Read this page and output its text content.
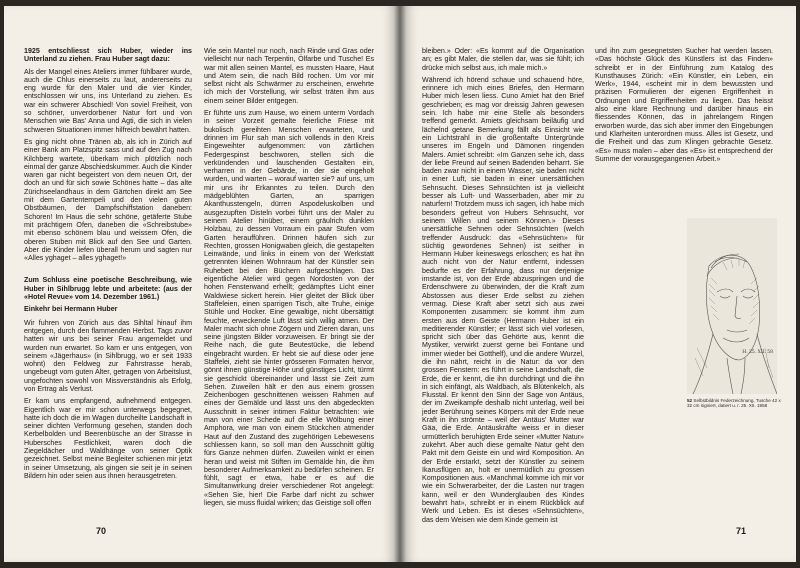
1925 entschliesst sich Huber, wieder ins Unterland zu ziehen. Frau Huber sagt dazu:

Als der Mangel eines Ateliers immer fühlbarer wurde, auch die Chlus einerseits zu laut, andererseits zu eng wurde für den Maler und die vier Kinder, entschlossen wir uns, ins Unterland zu ziehen. Es war ein schwerer Abschied! Von soviel Freiheit, von so schöner, unverdorbener Natur fort und von Menschen wie Bas' Anna und Agti, die sich in vielen schweren Situationen immer hilfreich bewährt hatten.

Es ging nicht ohne Tränen ab, als ich in Zürich auf einer Bank am Platzspitz sass und auf den Zug nach Kilchberg wartete, überkam mich plötzlich noch einmal der ganze Abschiedskummer. Auch die Kinder waren gar nicht begeistert von dem neuen Ort, der doch an und für sich sowie Schönes hatte – das alte Zürichseelandhaus in dem Gärtchen direkt am See mit dem Gartentempeli und den vielen guten Obstbäumen, der Dampfschiffstation daneben: Schoren! Im Haus die sehr schöne, getäferte Stube mit prächtigem Ofen, daneben die «Schreibstube» mit ebenso schönem blau und weissem Ofen, die oberen Stuben mit Blick auf den See und Garten. Aber die Kinder liefen überall herum und sagten nur «Alles yghaget – alles yghaget!»

Zum Schluss eine poetische Beschreibung, wie Huber in Sihlbrugg lebte und arbeitete: (aus der «Hotel Revue» vom 14. Dezember 1961.)

Einkehr bei Hermann Huber

Wir fuhren von Zürich aus das Sihltal hinauf ihm entgegen, durch den flammenden Herbst. Tags zuvor hatten wir uns bei seiner Frau angemeldet und wurden nun erwartet. So kam er uns entgegen, von seinem «Jägerhaus» (in Sihlbrugg, wo er seit 1933 wohnt) den Feldweg zur Fahrstrasse herab, ungebeugt vom guten Alter, getragen von Arbeitslust, ungefochten sowohl von Missverständnis als Erfolg, von Ertrag als Verlust.

Er kam uns empfangend, aufnehmend entgegen. Eigentlich war er mir schon unterwegs begegnet, hatte ich doch die im Wagen durcheilte Landschaft in seiner dichten Verformung gesehen, standen doch Kerbelbolden und Beerenbüsche an der Strasse in Hubersches Festlichkeit, waren doch die Ziegeldächer und Waldhänge von seiner Optik gezeichnet. Selbst meine Begleiter schienen mir jetzt in seiner Umsetzung, als gingen sie seit je in seinen Bildern hin oder seien aus ihnen herausgetreten.

Wie sein Mantel nur noch, nach Rinde und Gras oder vielleicht nur nach Terpentin, Ölfarbe und Tusche! Es war mit allen seinen Mantel, es mussten Haare, Haut und Atem sein, die nach Bild rochen. Um vor mir selbst nicht als Schwärmer zu erscheinen, erwehrte ich mich der Vorstellung, wir selbst träten ihm aus einem seiner Bilder entgegen.

Er führte uns zum Hause, wo einem unterm Vordach in seiner Vorzeit gemalte feierliche Friese mit bukolisch gereihten Menschen erwarteten, und drinnen im Flur sah man sich vollends in den Kreis Eingeweihter aufgenommen: von zärtlichen Federgespinst beschworen, stellen sich die verkündenden und lauschenden Gestalten ein, verharren in der Gebärde, in der sie eingeholt wurden, und warten – worauf warten sie? auf uns, um mir uns ihr Erkanntes zu teilen. Durch den mädgeblühten Garten, an sparrigen Akanthusstengeln, dürren Aspodeluskolben und ausgezupften Disteln vorbei führt uns der Maler zu seinem Atelier hinüber, einem gräulrich dunklen Holzbau, zu dessen Vorraum ein paar Stufen vom Garten heraufführen. Drinnen häufen sich zur Rechten, grossen Honigwaben gleich, die gestapelten Leinwände, und links in einem von der Werkstatt getrennten kleinen Wohnraum hat der Künstler sein Ruhebett bei den Büchern aufgeschlagen. Das eigentliche Atelier wird gegen Nordosten von der hohen Fensterwand erhellt; gedämpftes Licht einer Waldwiese sickert herein. Hier gleitet der Blick über Staffeleien, einen sparrigen Tisch, alte Truhe, einige Stühle und Hocker. Eine gewaltige, nicht übersättigt feuchte, erweckende Luft lässt sich willig atmen. Der Maler macht sich ohne Zögern und Zieren daran, uns seine jüngsten Bilder vorzuweisen. Er bringt sie der Reihe nach, die gute Beutestücke, die lebend eingebracht wurden. Er hebt sie auf diese oder jene Staffelei, zieht sie hinter grösseren Formaten hervor, gönnt ihnen günstige Höhe und günstiges Licht, türmt sie geschickt übereinander und lässt sie Zeit zum Sehen. Zuweilen hält er den aus einem grossen Zeichenbogen geschnittenen weissen Rahmen auf eines der Gemälde und lässt uns den abgedeckten Ausschnitt in seiner intimen Faktur betrachten: wie man von einer Schede auf die elle Wölbung einer Amphora, wie man von einem Stückchen atmender Haut auf den Zustand des zugehörigen Lebewesens schliessen kann, so soll man den Ausschnitt gültig fürs Ganze nehmen dürfen. Zuweilen winkt er einen heran und weist mit Stiften im Gemälde hin, die ihm besonderer Aufmerksamkeit zu bedürfen scheinen. Er fühlt, sagt er etwa, habe er es auf die Simultanwirkung dreier verschiedener Rot angelegt: «Sehen Sie, hier! Die Farbe darf nicht zu schwer liegen, sie muss fluidal wirken; das Geistige soll offen

70

bleiben.» Oder: «Es kommt auf die Organisation an; es gibt Maler, die stellen dar, was sie fühlt; ich drücke mich selbst aus, ich male mich.»

Während ich hörend schaue und schauend höre, erinnere ich mich eines Briefes, den Hermann Huber mich lesen liess. Cuno Amiet hat den Brief geschrieben; es mag vor dreissig Jahren gewesen sein. Ich habe mir eine Stelle als besonders treffend gemerkt. Amiets gleichsam beiläufig und lächelnd getane Bemerkung fällt als Einsicht wie ein Lichtstrahl in die großentafte Untergründe unseres im Engeln und Dämonen ringenden Malers. Amiet schreibt: «Im Ganzen sehe ich, dass der liebe Freund auf seinen Badenden beharrt. Sie baden zwar nicht in einem Wasser, sie baden nicht in einer Luft, sie baden in einer unersättlichen Sehnsucht. Dieses Sehnsüchten ist ja vielleicht besser als Luft- und Wasserbaden, aber mir zu naturfern! Trotzdem muss ich sagen, ich habe mich besonders gefreut von Hubers Sehnsucht, vor seinem Willen und seinem Können.» Dieses unersättliche Sehnen oder Sehnsüchten (welch treffender Ausdruck: das «Sehnsüchten» für süchtig gewordenes Sehnen) ist seither in Hermann Huber keineswegs erloschen; es hat ihn auch nicht von der Natur entfernt, indessen bedurfte es der Erfahrung, dass nur derjenige imstande ist, von der Erde abzuspringen und die Erdenschwere zu überwinden, der die Kraft zum Abstossen aus dieser Erde selbst zu ziehen vermag. Diese Kraft aber setzt sich aus zwei Komponenten zusammen: sie kommt ihm zum ersten aus dem Geiste (Hermann Huber ist ein meditierender Künstler; er lässt sich viel vorlesen, spricht sich über das Gehörte aus, kennt die Mystiker, verwirkt zuerst gerne bei Fontane und immer wieder bei Gotthelf), und die andere Wurzel, die ihn nährt, reicht in die Natur: da vor den grossen Fenstern: es führt in seine Landschaft, die Erde, die er kennt, die ihn durchdringt und die ihn in sich einfängt, als Waldbach, als Blütenkelch, als Flusstal. Er kennt den Sinn der Sage von Antäus, der im Zweikampfe deshalb nicht unterlag, weil bei jeder Berührung seines Körpers mit der Erde neue Kraft in ihn strömte – weil der Antäus' Mutter war Gäa, die Erde. Antäuskräfte weiss er in dieser urmütterlich beruhigten Erde seiner «Mutter Natur» zukehrt. Aber auch diese gemalte Natur geht den Pakt mit dem Geiste ein und wird Komposition. An der Erde erstarkt, setzt der Künstler zu seinem Ikarusflügen an, holt er unermüdlich zu grossen Kompositionen aus. «Manchmal komme ich mir vor wie ein Schwerarbeiter, der die Lasten nur tragen kann, weil er den Wunderglauben des Kindes bewahrt hat», schreibt er in einem Rückblick auf Werk und Leben. Es ist dieses «Sehnsüchten», das dem Weisen wie dem Kinde gemein ist

und ihn zum gesegnetsten Sucher hat werden lassen. «Das höchste Glück des Künstlers ist das Finden» schreibt er in der Einführung zum Katalog des Kunsthauses Zürich: «Ein Künstler, ein Leben, ein Werk», 1944, «scheint mir in dem bewussten und präzisen Formulieren der eigenen Ergriffenheit in Ordnungen und Ergriffenheiten zu liegen. Das heisst also eine klare Rechnung und darüber hinaus ein fliessendes Können, das in jahrelangem Ringen erworben wurde, das sich aber immer den Eingebungen und Klarheiten unterordnen muss. Alles ist Gesetz, und die Freiheit und das zum Klingen gebrachte Gesetz. «Es» muss malen – aber das «Es» ist entsprechend der Summe der vorausgegangenen Arbeit.»

H. 25. XII. 58
52 Selbstbildnis Federzeichnung, Tusche 42 x 32 cm signiert, datiert u. r. 25. XII. 1958
71
